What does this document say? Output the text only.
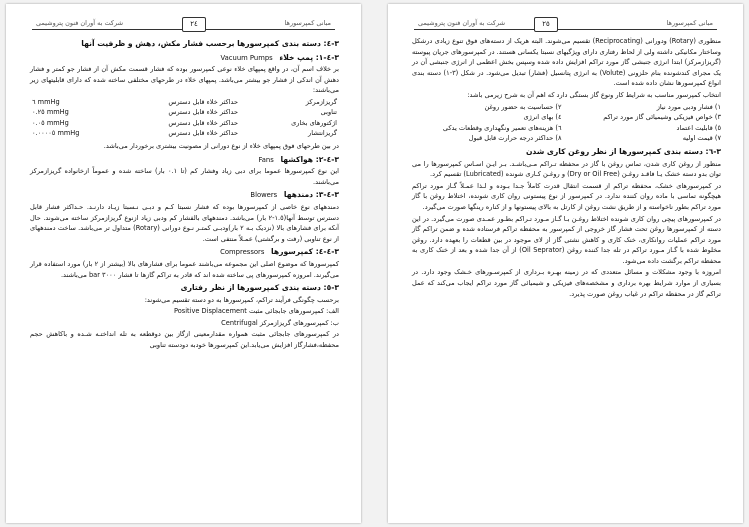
مبانی کمپرسورها
شرکت به آوران فنون پتروشیمی	٢٥

منظوری (Rotary) ودورانی (Reciprocating) تقسیم می‌شوند. البته هریک از دسته‌های فوق تنوع زیادی درشکل وساختار مکانیکی داشته ولی از لحاظ رفتاری دارای ویژگیهای نسبتا یکسانی هستند. در کمپرسورهای جریان پیوسته (گریز‌از‌مرکز) ابتدا انرژی جنبشی گاز مورد تراکم افزایش داده شده وسپس بخش اعظمی از انرژی جنبشی آن در یک مجرای کندشونده بنام حلزونی (Volute) به انرژی پتانسیل (فشار) تبدیل می‌شود. در شکل (٣-١) دسته بندی انواع کمپرسورها نشان داده شده است.

انتخاب کمپرسور مناسب به شرایط کار ونوع گاز بستگی دارد که اهم آن به شرح زیرمی باشد:

١) فشار ودبی مورد نیاز
٢) حساسیت به حضور روغن
٣) خواص فیزیکی وشیمیائی گاز مورد تراکم
٤) بهای انرژی
٥) قابلیت اعتماد
٦) هزینه‌های تعمیر ونگهداری وقطعات یدکی
٧) قیمت اولیه
٨) حداکثر درجه حرارت قابل قبول
٣-٦: دسته بندی کمپرسورها از نظر روغن کاری شدن

منظور از روغن کاری شدن، تماس روغن با گاز در محفظه تـراکم مـی‌باشـد. بـر ایـن اسـاس کمپرسورها را می توان بدو دسته خشک یـا فاقـد روغـن (Dry or Oil Free) و روغـن کـاری شونده (Lubricated) تقسیم کرد.

در کمپرسورهای خشک، محفظه تراکم از قسمت انتقال قدرت کاملاً جـدا بـوده و لـذا عمـلاً گـاز مورد تراکم هیچگونه تماسی با ماده روان کننده ندارد. در کمپرسور از نوع پیستونی روان کاری شونده، اختلاط روغن با گاز مورد تراکم بطور ناخواسته و از طریق نشت روغن از کارتل به بالای پیستونها و از کناره رینگها صورت می‌گیرد.

در کمپرسورهای پیچی روان کاری شونده اختلاط روغـن بـا گـاز مـورد تـراکم بطـور عمـدی صورت می‌گیرد. در این دسته از کمپرسورها روغن تحت فشار گاز خروجی از کمپرسور به محفظه تراکم فرستاده شده و ضمن تراکم گاز مورد تراکم عملیات روانکاری، خنک کاری و کاهش نشتی گاز از لای موجود در بین قطعات را بعهده دارد. روغن مخلوط شده با گـاز مـورد تراکم در تله جدا کننده روغن (Oil Seprator) از آن جدا شده و بعد از خنک کاری به محفظه تراکم برگشت داده می‌شود.

امروزه با وجود مشکلات و مسائل متعددی که در زمینه بهـره بـرداری از کمپرسـورهای خـشک وجود دارد. در بسیاری از موارد شرایط بهره برداری و مشخصه‌های فیزیکی و شیمیائی گاز مورد تراکم ایجاب می‌کند که عمل تراکم گاز در محفظه تراکم در غیاب روغن صورت پذیرد.

مبانی کمپرسورها
شرکت به آوران فنون پتروشیمی	٢٤
٣-٤: دسته بندی کمپرسورها برحسب فشار مکش، دهش و ظرفیت آنها
٣-٤-١: پمپ خلاء Vacuum Pumps

بر خلاف اسم آن، در واقع پمپهای خلاء نوعی کمپرسور بوده که فشار قسمت مکش آن از فشار جو کمتر و فشار دهش آن اندکی از فشار جو بیشتر می‌باشد. پمپهای خلاء در طرحهای مختلفی ساخته شده که دارای قابلیتهای زیر می‌باشند:

گریزازمرکز	حداکثر خلاء قابل دسترس	٦ mmHg
تناوبی	حداکثر خلاء قابل دسترس	٠.٢٥ mmHg
اژکتورهای بخاری	حداکثر خلاء قابل دسترس	٠.٠٥ mmHg
گریزانتشار	حداکثر خلاء قابل دسترس	٠.٠٠٠٠٥ mmHg

در بین طرحهای فوق پمپهای خلاء از نوع دورانی از مصونیت بیشتری برخوردار می‌باشد.

٣-٤-٢: هواکشها Fans

این نوع کمپرسورها عموما برای دبی زیاد وفشار کم (تا ٠.١ بار) ساخته شده و عموماً ازخانواده گریزازمرکز می‌باشند.

٣-٤-٣: دمندهها Blowers

دمندههای نوع خاصی از کمپرسورها بوده که فشار نسبتا کـم و دبـی نـسبتا زیـاد دارنـد. حـداکثر فشار قابل دسترس توسط آنها(١.٥-٢ بار) می‌باشد. دمندههای بالفشار کم ودبی زیاد ازنوع گریزازمرکز ساخته می‌شوند. حال آنکه برای فشارهای بالا (نزدیک بـه ٢ بار)ودبـی کمتـر نـوع دورانی (Rotary) متداول تر می‌باشد. ساخت دمندههای از نوع تناوبی (رفت و برگشتی) عمـلاً منتفی است.

٣-٤-٤: کمپرسورها Compressors

کمپرسورها که موضوع اصلی این مجموعه می‌باشند عموما برای فشارهای بالا (بیشتر از ٢ بار) مورد استفاده قرار می‌گیرند. امروزه کمپرسورهای پی ساخته شده اند که قادر به تراکم گازها تا فشار ٣٠٠٠ bar می‌باشند.

٣-٥: دسته بندی کمپرسورها از نظر رفتاری

برحسب چگونگی فرآیند تراکم، کمپرسورها به دو دسته تقسیم می‌شوند:

الف: کمپرسورهای جابجائی مثبت Positive Displacement

ب: کمپرسورهای گریزازمرکز Centrifugal

در کمپرسورهای جابجائی مثبت همواره مقدارمعینی ازگاز بین دوقطعه به تله انداختـه شـده و باکاهش حجم محفظه،فشارگاز افزایش می‌یابد.این کمپرسورها خودبه دودسته تناوبی
